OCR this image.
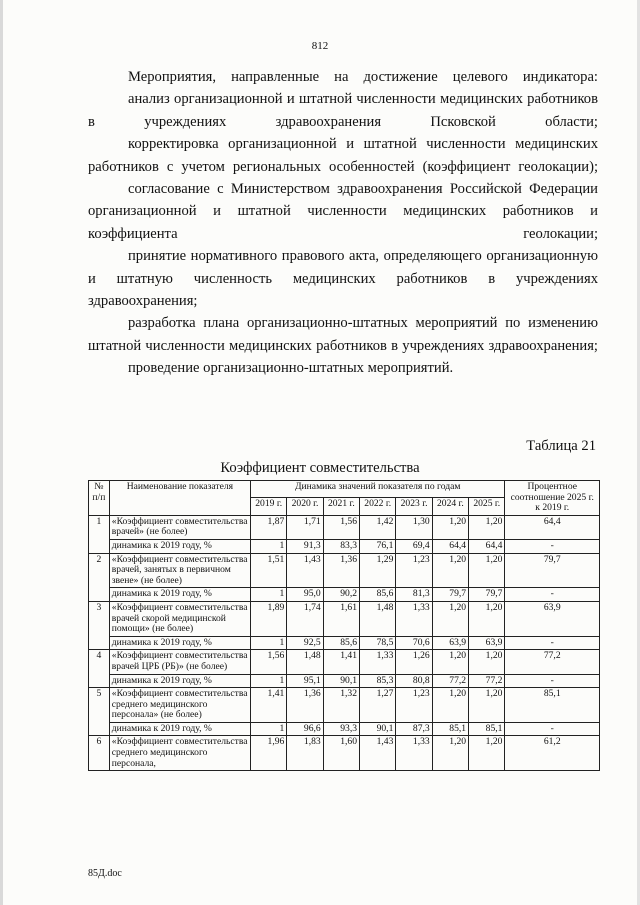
812

Мероприятия, направленные на достижение целевого индикатора:

анализ организационной и штатной численности медицинских работников в учреждениях здравоохранения Псковской области;

корректировка организационной и штатной численности медицинских работников с учетом региональных особенностей (коэффициент геолокации);

согласование с Министерством здравоохранения Российской Федерации организационной и штатной численности медицинских работников и коэффициента геолокации;

принятие нормативного правового акта, определяющего организационную и штатную численность медицинских работников в учреждениях здравоохранения;

разработка плана организационно-штатных мероприятий по изменению штатной численности медицинских работников в учреждениях здравоохранения;

проведение организационно-штатных мероприятий.

Таблица 21
Коэффициент совместительства
№ п/п	Наименование показателя	Динамика значений показателя по годам							Процентное соотношение 2025 г. к 2019 г.
		2019 г.	2020 г.	2021 г.	2022 г.	2023 г.	2024 г.	2025 г.	
1	«Коэффициент совместительства врачей» (не более)	1,87	1,71	1,56	1,42	1,30	1,20	1,20	64,4
	динамика к 2019 году, %	1	91,3	83,3	76,1	69,4	64,4	64,4	-
2	«Коэффициент совместительства врачей, занятых в первичном звене» (не более)	1,51	1,43	1,36	1,29	1,23	1,20	1,20	79,7
	динамика к 2019 году, %	1	95,0	90,2	85,6	81,3	79,7	79,7	-
3	«Коэффициент совместительства врачей скорой медицинской помощи» (не более)	1,89	1,74	1,61	1,48	1,33	1,20	1,20	63,9
	динамика к 2019 году, %	1	92,5	85,6	78,5	70,6	63,9	63,9	-
4	«Коэффициент совместительства врачей ЦРБ (РБ)» (не более)	1,56	1,48	1,41	1,33	1,26	1,20	1,20	77,2
	динамика к 2019 году, %	1	95,1	90,1	85,3	80,8	77,2	77,2	-
5	«Коэффициент совместительства среднего медицинского персонала» (не более)	1,41	1,36	1,32	1,27	1,23	1,20	1,20	85,1
	динамика к 2019 году, %	1	96,6	93,3	90,1	87,3	85,1	85,1	-
6	«Коэффициент совместительства среднего медицинского персонала,	1,96	1,83	1,60	1,43	1,33	1,20	1,20	61,2
85Д.doc
